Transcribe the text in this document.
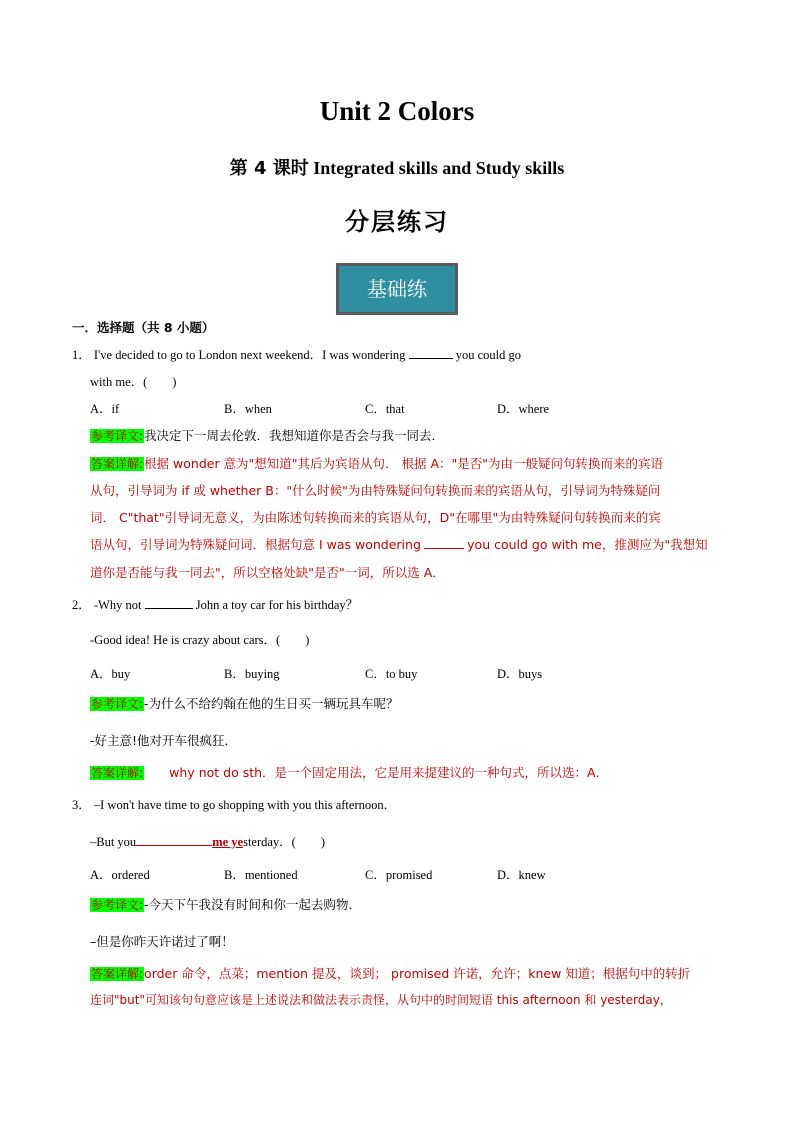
Unit 2 Colors
第 4 课时 Integrated skills and Study skills
分层练习
基础练
一．选择题（共 8 小题）
1． I've decided to go to London next weekend．I was wondering	you could go
with me．(　　)
A．if	B．when	C．that	D．where
参考译文:我决定下一周去伦敦．我想知道你是否会与我一同去．
答案详解:根据 wonder 意为"想知道"其后为宾语从句． 根据 A："是否"为由一般疑问句转换而来的宾语
从句，引导词为 if 或 whether B："什么时候"为由特殊疑问句转换而来的宾语从句，引导词为特殊疑问
词． C"that"引导词无意义，为由陈述句转换而来的宾语从句，D"在哪里"为由特殊疑问句转换而来的宾
语从句，引导词为特殊疑问词．根据句意 I was wondering	you could go with me，推测应为"我想知
道你是否能与我一同去"，所以空格处缺"是否"一词，所以选 A．
2． -Why not	John a toy car for his birthday？
-Good idea! He is crazy about cars．(　　)
A．buy	B．buying	C．to buy	D．buys
参考译文:-为什么不给约翰在他的生日买一辆玩具车呢？
-好主意!他对开车很疯狂．
答案详解: why not do sth．是一个固定用法，它是用来提建议的一种句式，所以选：A．
3． –I won't have time to go shopping with you this afternoon．
–But you	me yesterday．(　　)
A．ordered	B．mentioned	C．promised	D．knew
参考译文:-今天下午我没有时间和你一起去购物．
–但是你昨天许诺过了啊！
答案详解:order 命令，点菜；mention 提及，谈到； promised 许诺，允许；knew 知道；根据句中的转折
连词"but"可知该句句意应该是上述说法和做法表示责怪，从句中的时间短语 this afternoon 和 yesterday，
